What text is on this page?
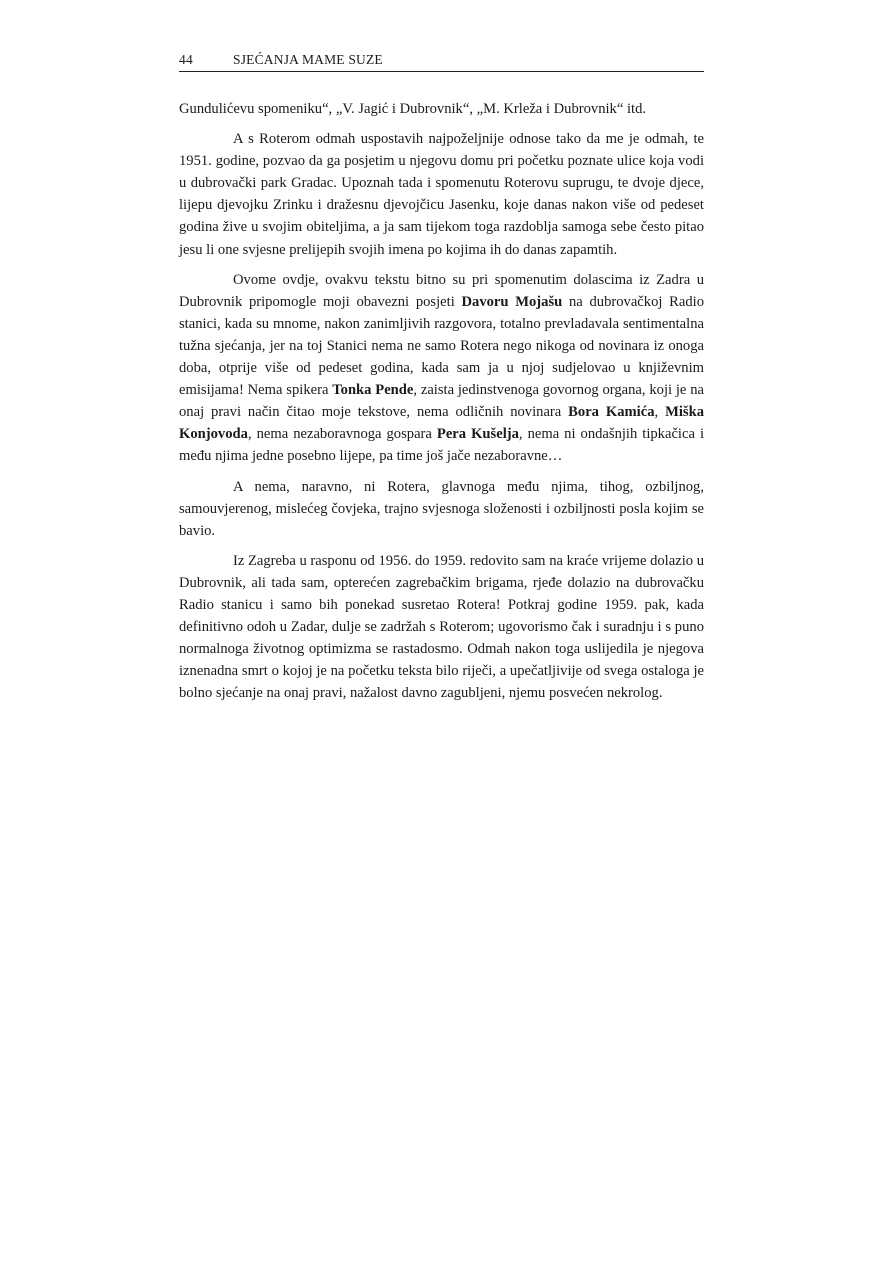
44	SJEĆANJA MAME SUZE

Gundulićevu spomeniku“, „V. Jagić i Dubrovnik“, „M. Krleža i Dubrovnik“ itd.

A s Roterom odmah uspostavih najpoželjnije odnose tako da me je odmah, te 1951. godine, pozvao da ga posjetim u njegovu domu pri početku poznate ulice koja vodi u dubrovački park Gradac. Upoznah tada i spomenutu Roterovu suprugu, te dvoje djece, lijepu djevojku Zrinku i dražesnu djevojčicu Jasenku, koje danas nakon više od pedeset godina žive u svojim obiteljima, a ja sam tijekom toga razdoblja samoga sebe često pitao jesu li one svjesne prelijepih svojih imena po kojima ih do danas zapamtih.

Ovome ovdje, ovakvu tekstu bitno su pri spomenutim dolascima iz Zadra u Dubrovnik pripomogle moji obavezni posjeti Davoru Mojašu na dubrovačkoj Radio stanici, kada su mnome, nakon zanimljivih razgovora, totalno prevladavala sentimentalna tužna sjećanja, jer na toj Stanici nema ne samo Rotera nego nikoga od novinara iz onoga doba, otprije više od pedeset godina, kada sam ja u njoj sudjelovao u književnim emisijama! Nema spikera Tonka Pende, zaista jedinstvenoga govornog organa, koji je na onaj pravi način čitao moje tekstove, nema odličnih novinara Bora Kamića, Miška Konjovoda, nema nezaboravnoga gospara Pera Kušelja, nema ni ondašnjih tipkačica i među njima jedne posebno lijepe, pa time još jače nezaboravne…

A nema, naravno, ni Rotera, glavnoga među njima, tihog, ozbiljnog, samouvjerenog, mislećeg čovjeka, trajno svjesnoga složenosti i ozbiljnosti posla kojim se bavio.

Iz Zagreba u rasponu od 1956. do 1959. redovito sam na kraće vrijeme dolazio u Dubrovnik, ali tada sam, opterećen zagrebačkim brigama, rjeđe dolazio na dubrovačku Radio stanicu i samo bih ponekad susretao Rotera! Potkraj godine 1959. pak, kada definitivno odoh u Zadar, dulje se zadržah s Roterom; ugovorismo čak i suradnju i s puno normalnoga životnog optimizma se rastadosmo. Odmah nakon toga uslijedila je njegova iznenadna smrt o kojoj je na početku teksta bilo riječi, a upečatljivije od svega ostaloga je bolno sjećanje na onaj pravi, nažalost davno zagubljeni, njemu posvećen nekrolog.
